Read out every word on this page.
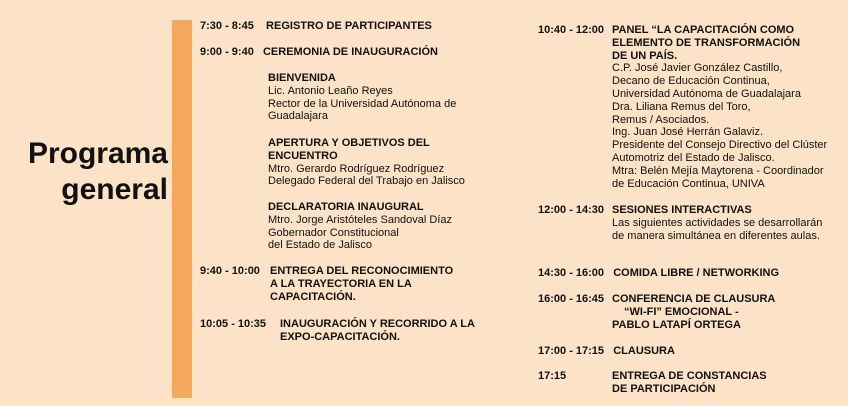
Programa
general
7:30 - 8:45 REGISTRO DE PARTICIPANTES
9:00 - 9:40 CEREMONIA DE INAUGURACIÓN
BIENVENIDA
Lic. Antonio Leaño Reyes
Rector de la Universidad Autónoma de
Guadalajara
APERTURA Y OBJETIVOS DEL
ENCUENTRO
Mtro. Gerardo Rodríguez Rodríguez
Delegado Federal del Trabajo en Jalisco
DECLARATORIA INAUGURAL
Mtro. Jorge Aristóteles Sandoval Díaz
Gobernador Constitucional
del Estado de Jalisco
9:40 - 10:00 ENTREGA DEL RECONOCIMIENTO
A LA TRAYECTORIA EN LA
CAPACITACIÓN.
10:05 - 10:35 INAUGURACIÓN Y RECORRIDO A LA
EXPO-CAPACITACIÓN.
10:40 - 12:00 PANEL “LA CAPACITACIÓN COMO
ELEMENTO DE TRANSFORMACIÓN
DE UN PAÍS.
C.P. José Javier González Castillo,
Decano de Educación Continua,
Universidad Autónoma de Guadalajara
Dra. Liliana Remus del Toro,
Remus / Asociados.
Ing. Juan José Herrán Galaviz.
Presidente del Consejo Directivo del Clúster
Automotriz del Estado de Jalisco.
Mtra: Belén Mejía Maytorena - Coordinador
de Educación Continua, UNIVA
12:00 - 14:30 SESIONES INTERACTIVAS
Las siguientes actividades se desarrollarán
de manera simultánea en diferentes aulas.
14:30 - 16:00 COMIDA LIBRE / NETWORKING
16:00 - 16:45 CONFERENCIA DE CLAUSURA
“WI-FI” EMOCIONAL -
PABLO LATAPÍ ORTEGA
17:00 - 17:15 CLAUSURA
17:15	ENTREGA DE CONSTANCIAS
DE PARTICIPACIÓN
